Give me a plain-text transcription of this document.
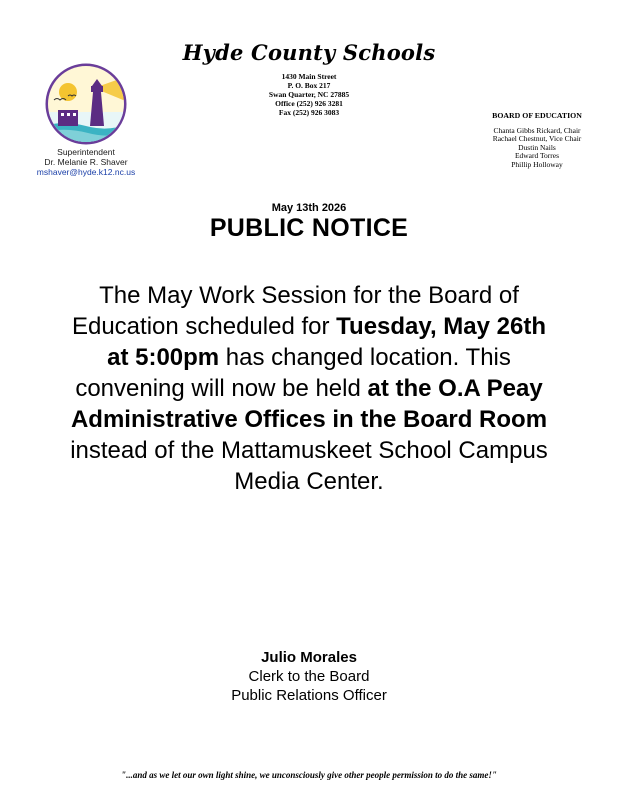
Superintendent
Dr. Melanie R. Shaver
mshaver@hyde.k12.nc.us
Hyde County Schools
1430 Main Street
P. O. Box 217
Swan Quarter, NC 27885
Office (252) 926 3281
Fax (252) 926 3083	BOARD OF EDUCATION
Chanta Gibbs Rickard, Chair
Rachael Chestnut, Vice Chair
Dustin Nails
Edward Torres
Phillip Holloway
May 13th 2026
PUBLIC NOTICE
The May Work Session for the Board of Education scheduled for Tuesday, May 26th at 5:00pm has changed location. This convening will now be held at the O.A Peay Administrative Offices in the Board Room instead of the Mattamuskeet School Campus Media Center.
Julio Morales
Clerk to the Board
Public Relations Officer
"...and as we let our own light shine, we unconsciously give other people permission to do the same!"
